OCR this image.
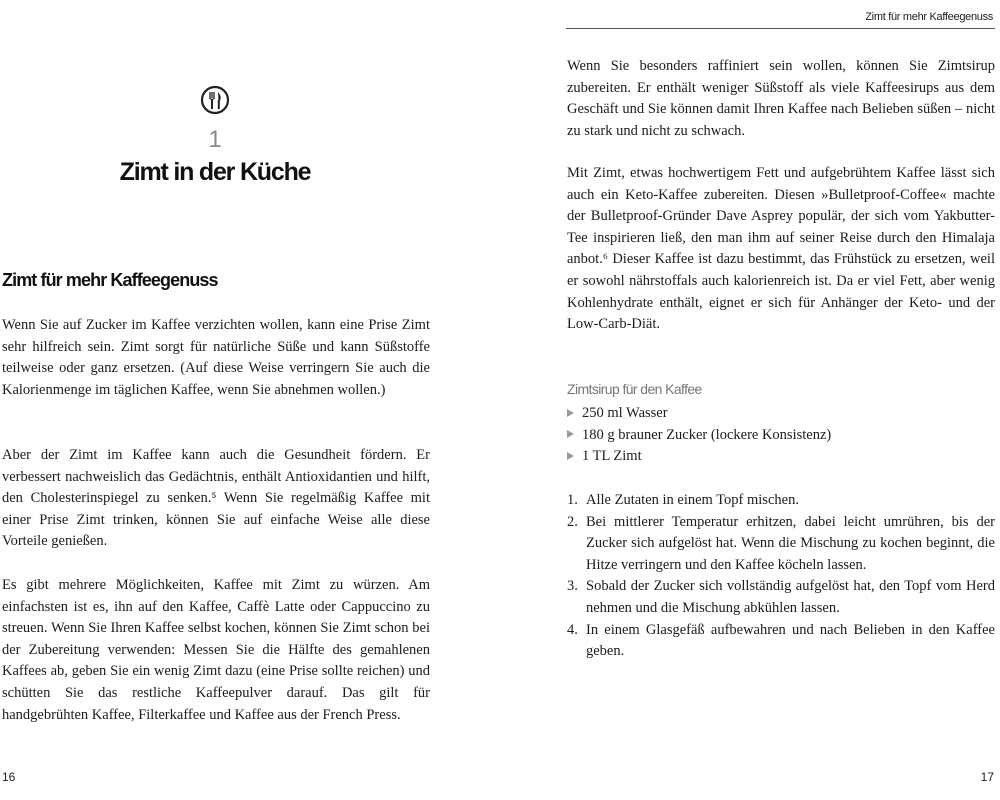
1
Zimt in der Küche
Zimt für mehr Kaffeegenuss

Wenn Sie auf Zucker im Kaffee verzichten wollen, kann eine Prise Zimt sehr hilfreich sein. Zimt sorgt für natürliche Süße und kann Süßstoffe teilweise oder ganz ersetzen. (Auf diese Weise verringern Sie auch die Kalorienmenge im täglichen Kaffee, wenn Sie abnehmen wollen.)

Aber der Zimt im Kaffee kann auch die Gesundheit fördern. Er verbessert nachweislich das Gedächtnis, enthält Antioxidantien und hilft, den Cholesterinspiegel zu senken.⁵ Wenn Sie regelmäßig Kaffee mit einer Prise Zimt trinken, können Sie auf einfache Weise alle diese Vorteile genießen.

Es gibt mehrere Möglichkeiten, Kaffee mit Zimt zu würzen. Am einfachsten ist es, ihn auf den Kaffee, Caffè Latte oder Cappuccino zu streuen. Wenn Sie Ihren Kaffee selbst kochen, können Sie Zimt schon bei der Zubereitung verwenden: Messen Sie die Hälfte des gemahlenen Kaffees ab, geben Sie ein wenig Zimt dazu (eine Prise sollte reichen) und schütten Sie das restliche Kaffeepulver darauf. Das gilt für handgebrühten Kaffee, Filterkaffee und Kaffee aus der French Press.

16
Zimt für mehr Kaffeegenuss

Wenn Sie besonders raffiniert sein wollen, können Sie Zimtsirup zubereiten. Er enthält weniger Süßstoff als viele Kaffeesirups aus dem Geschäft und Sie können damit Ihren Kaffee nach Belieben süßen – nicht zu stark und nicht zu schwach.

Mit Zimt, etwas hochwertigem Fett und aufgebrühtem Kaffee lässt sich auch ein Keto-Kaffee zubereiten. Diesen »Bulletproof-Coffee« machte der Bulletproof-Gründer Dave Asprey populär, der sich vom Yakbutter-Tee inspirieren ließ, den man ihm auf seiner Reise durch den Himalaja anbot.⁶ Dieser Kaffee ist dazu bestimmt, das Frühstück zu ersetzen, weil er sowohl nährstoffals auch kalorienreich ist. Da er viel Fett, aber wenig Kohlenhydrate enthält, eignet er sich für Anhänger der Keto- und der Low-Carb-Diät.

Zimtsirup für den Kaffee
250 ml Wasser
180 g brauner Zucker (lockere Konsistenz)
1 TL Zimt
1. Alle Zutaten in einem Topf mischen.
2. Bei mittlerer Temperatur erhitzen, dabei leicht umrühren, bis der Zucker sich aufgelöst hat. Wenn die Mischung zu kochen beginnt, die Hitze verringern und den Kaffee köcheln lassen.
3. Sobald der Zucker sich vollständig aufgelöst hat, den Topf vom Herd nehmen und die Mischung abkühlen lassen.
4. In einem Glasgefäß aufbewahren und nach Belieben in den Kaffee geben.
17
